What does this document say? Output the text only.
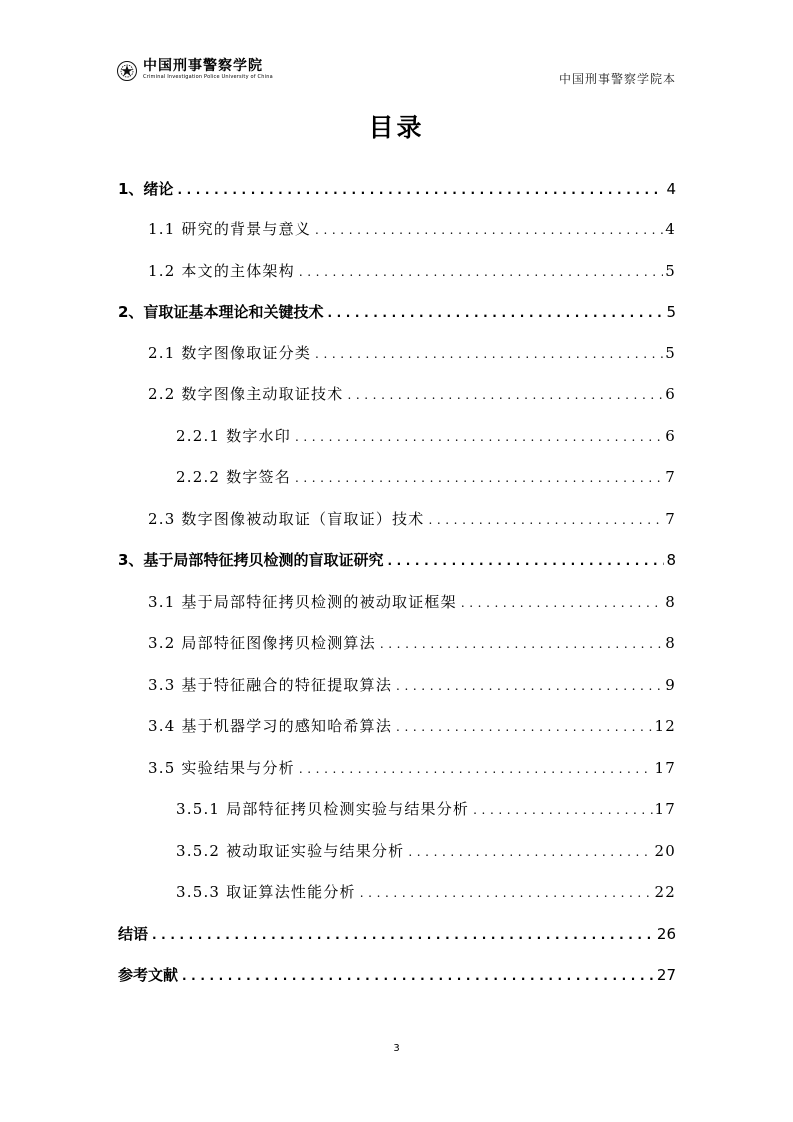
中国刑事警察学院
Criminal Investigation Police University of China	中国刑事警察学院本
目录
1、绪论 .....	4
1.1 研究的背景与意义 .....	4
1.2 本文的主体架构 .....	5
2、盲取证基本理论和关键技术 .....	5
2.1 数字图像取证分类 .....	5
2.2 数字图像主动取证技术 .....	6
2.2.1 数字水印 .....	6
2.2.2 数字签名 .....	7
2.3 数字图像被动取证（盲取证）技术 .....	7
3、基于局部特征拷贝检测的盲取证研究 .....	8
3.1 基于局部特征拷贝检测的被动取证框架 .....	8
3.2 局部特征图像拷贝检测算法 .....	8
3.3 基于特征融合的特征提取算法 .....	9
3.4 基于机器学习的感知哈希算法 .....	12
3.5 实验结果与分析 .....	17
3.5.1 局部特征拷贝检测实验与结果分析 .....	17
3.5.2 被动取证实验与结果分析 .....	20
3.5.3 取证算法性能分析 .....	22
结语 .....	26
参考文献 .....	27
3
